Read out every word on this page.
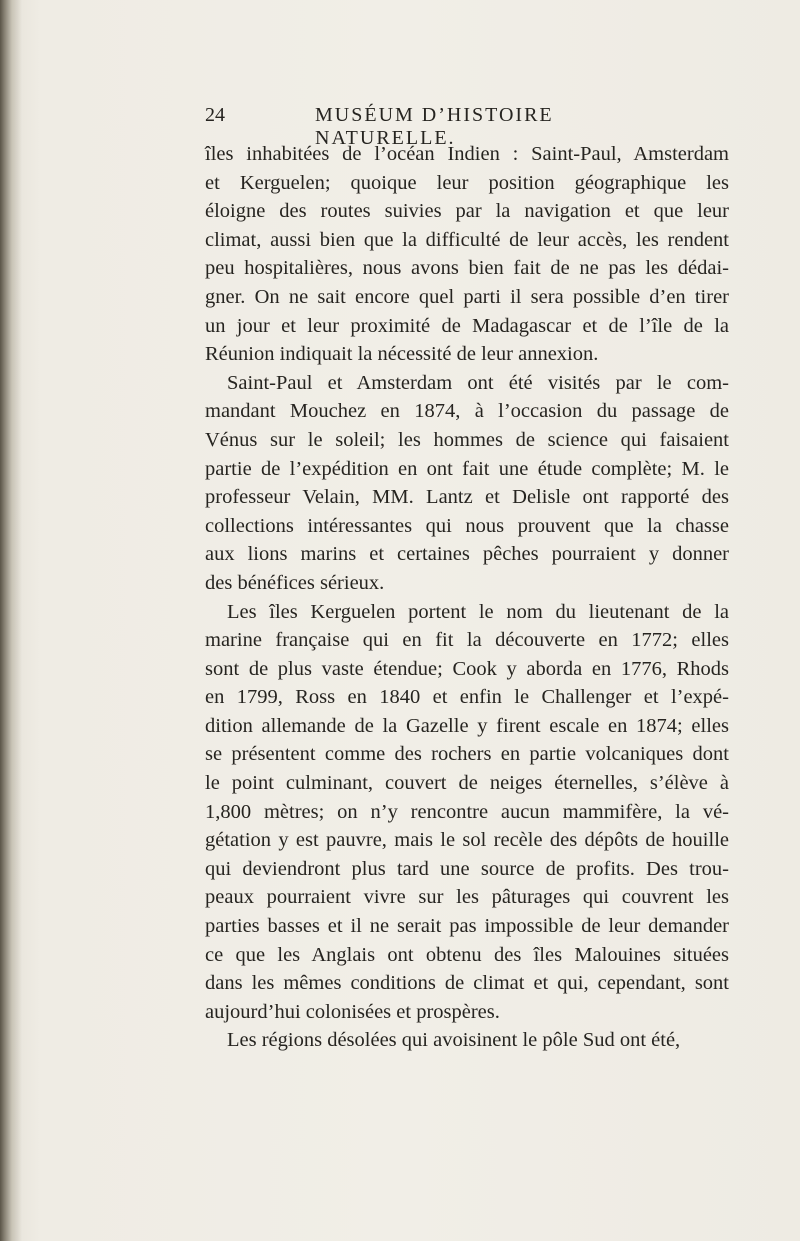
24	MUSÉUM D’HISTOIRE NATURELLE.
îles inhabitées de l’océan Indien : Saint-Paul, Amsterdam
et Kerguelen; quoique leur position géographique les
éloigne des routes suivies par la navigation et que leur
climat, aussi bien que la difficulté de leur accès, les rendent
peu hospitalières, nous avons bien fait de ne pas les dédai-
gner. On ne sait encore quel parti il sera possible d’en tirer
un jour et leur proximité de Madagascar et de l’île de la
Réunion indiquait la nécessité de leur annexion.
Saint-Paul et Amsterdam ont été visités par le com-
mandant Mouchez en 1874, à l’occasion du passage de
Vénus sur le soleil; les hommes de science qui faisaient
partie de l’expédition en ont fait une étude complète; M. le
professeur Velain, MM. Lantz et Delisle ont rapporté des
collections intéressantes qui nous prouvent que la chasse
aux lions marins et certaines pêches pourraient y donner
des bénéfices sérieux.
Les îles Kerguelen portent le nom du lieutenant de la
marine française qui en fit la découverte en 1772; elles
sont de plus vaste étendue; Cook y aborda en 1776, Rhods
en 1799, Ross en 1840 et enfin le Challenger et l’expé-
dition allemande de la Gazelle y firent escale en 1874; elles
se présentent comme des rochers en partie volcaniques dont
le point culminant, couvert de neiges éternelles, s’élève à
1,800 mètres; on n’y rencontre aucun mammifère, la vé-
gétation y est pauvre, mais le sol recèle des dépôts de houille
qui deviendront plus tard une source de profits. Des trou-
peaux pourraient vivre sur les pâturages qui couvrent les
parties basses et il ne serait pas impossible de leur demander
ce que les Anglais ont obtenu des îles Malouines situées
dans les mêmes conditions de climat et qui, cependant, sont
aujourd’hui colonisées et prospères.
Les régions désolées qui avoisinent le pôle Sud ont été,
